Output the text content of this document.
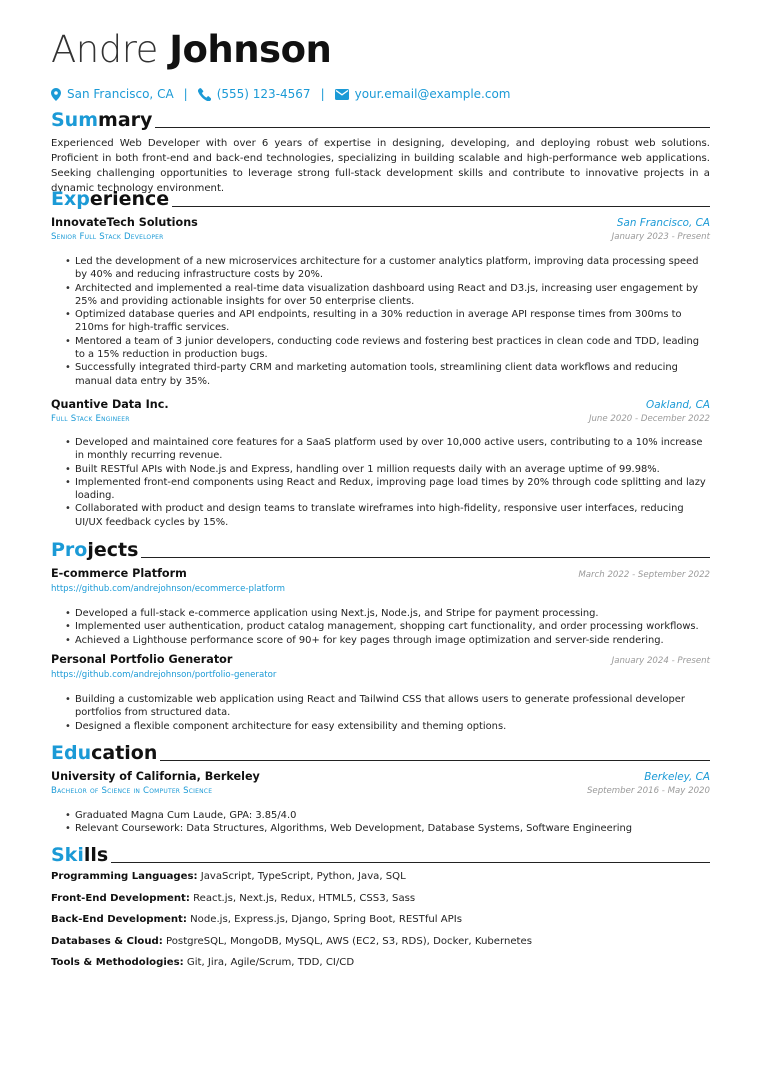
Andre Johnson
San Francisco, CA | (555) 123-4567 |	your.email@example.com
Summary

Experienced Web Developer with over 6 years of expertise in designing, developing, and deploying robust web solutions. Proficient in both front-end and back-end technologies, specializing in building scalable and high-performance web applications. Seeking challenging opportunities to leverage strong full-stack development skills and contribute to innovative projects in a dynamic technology environment.

Experience
InnovateTech Solutions	San Francisco, CA
Senior Full Stack Developer	January 2023 - Present
• Led the development of a new microservices architecture for a customer analytics platform, improving data processing speed by 40% and reducing infrastructure costs by 20%.
• Architected and implemented a real-time data visualization dashboard using React and D3.js, increasing user engagement by 25% and providing actionable insights for over 50 enterprise clients.
• Optimized database queries and API endpoints, resulting in a 30% reduction in average API response times from 300ms to 210ms for high-traffic services.
• Mentored a team of 3 junior developers, conducting code reviews and fostering best practices in clean code and TDD, leading to a 15% reduction in production bugs.
• Successfully integrated third-party CRM and marketing automation tools, streamlining client data workflows and reducing manual data entry by 35%.
Quantive Data Inc.	Oakland, CA
Full Stack Engineer	June 2020 - December 2022
• Developed and maintained core features for a SaaS platform used by over 10,000 active users, contributing to a 10% increase in monthly recurring revenue.
• Built RESTful APIs with Node.js and Express, handling over 1 million requests daily with an average uptime of 99.98%.
• Implemented front-end components using React and Redux, improving page load times by 20% through code splitting and lazy loading.
• Collaborated with product and design teams to translate wireframes into high-fidelity, responsive user interfaces, reducing UI/UX feedback cycles by 15%.
Projects
E-commerce Platform	March 2022 - September 2022
https://github.com/andrejohnson/ecommerce-platform
• Developed a full-stack e-commerce application using Next.js, Node.js, and Stripe for payment processing.
• Implemented user authentication, product catalog management, shopping cart functionality, and order processing workflows.
• Achieved a Lighthouse performance score of 90+ for key pages through image optimization and server-side rendering.
Personal Portfolio Generator	January 2024 - Present
https://github.com/andrejohnson/portfolio-generator
• Building a customizable web application using React and Tailwind CSS that allows users to generate professional developer portfolios from structured data.
• Designed a flexible component architecture for easy extensibility and theming options.
Education
University of California, Berkeley	Berkeley, CA
Bachelor of Science in Computer Science	September 2016 - May 2020
• Graduated Magna Cum Laude, GPA: 3.85/4.0
• Relevant Coursework: Data Structures, Algorithms, Web Development, Database Systems, Software Engineering
Skills
Programming Languages: JavaScript, TypeScript, Python, Java, SQL
Front-End Development: React.js, Next.js, Redux, HTML5, CSS3, Sass
Back-End Development: Node.js, Express.js, Django, Spring Boot, RESTful APIs
Databases & Cloud: PostgreSQL, MongoDB, MySQL, AWS (EC2, S3, RDS), Docker, Kubernetes
Tools & Methodologies: Git, Jira, Agile/Scrum, TDD, CI/CD
